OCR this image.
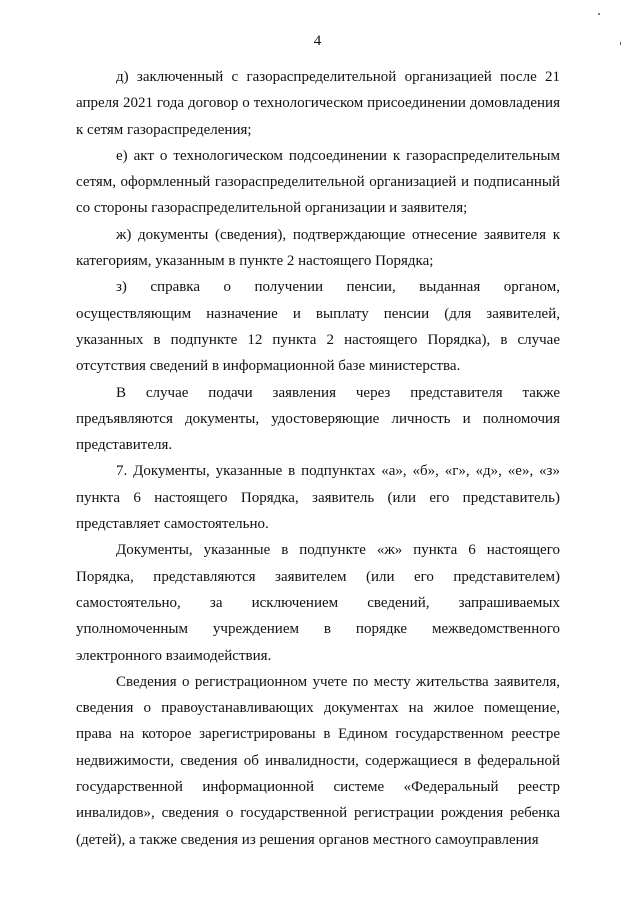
4

д) заключенный с газораспределительной организацией после 21 апреля 2021 года договор о технологическом присоединении домовладения к сетям газораспределения;

е) акт о технологическом подсоединении к газораспределительным сетям, оформленный газораспределительной организацией и подписанный со стороны газораспределительной организации и заявителя;

ж) документы (сведения), подтверждающие отнесение заявителя к категориям, указанным в пункте 2 настоящего Порядка;

з) справка о получении пенсии, выданная органом, осуществляющим назначение и выплату пенсии (для заявителей, указанных в подпункте 12 пункта 2 настоящего Порядка), в случае отсутствия сведений в информационной базе министерства.

В случае подачи заявления через представителя также предъявляются документы, удостоверяющие личность и полномочия представителя.

7. Документы, указанные в подпунктах «а», «б», «г», «д», «е», «з» пункта 6 настоящего Порядка, заявитель (или его представитель) представляет самостоятельно.

Документы, указанные в подпункте «ж» пункта 6 настоящего Порядка, представляются заявителем (или его представителем) самостоятельно, за исключением сведений, запрашиваемых уполномоченным учреждением в порядке межведомственного электронного взаимодействия.

Сведения о регистрационном учете по месту жительства заявителя, сведения о правоустанавливающих документах на жилое помещение, права на которое зарегистрированы в Едином государственном реестре недвижимости, сведения об инвалидности, содержащиеся в федеральной государственной информационной системе «Федеральный реестр инвалидов», сведения о государственной регистрации рождения ребенка (детей), а также сведения из решения органов местного самоуправления
